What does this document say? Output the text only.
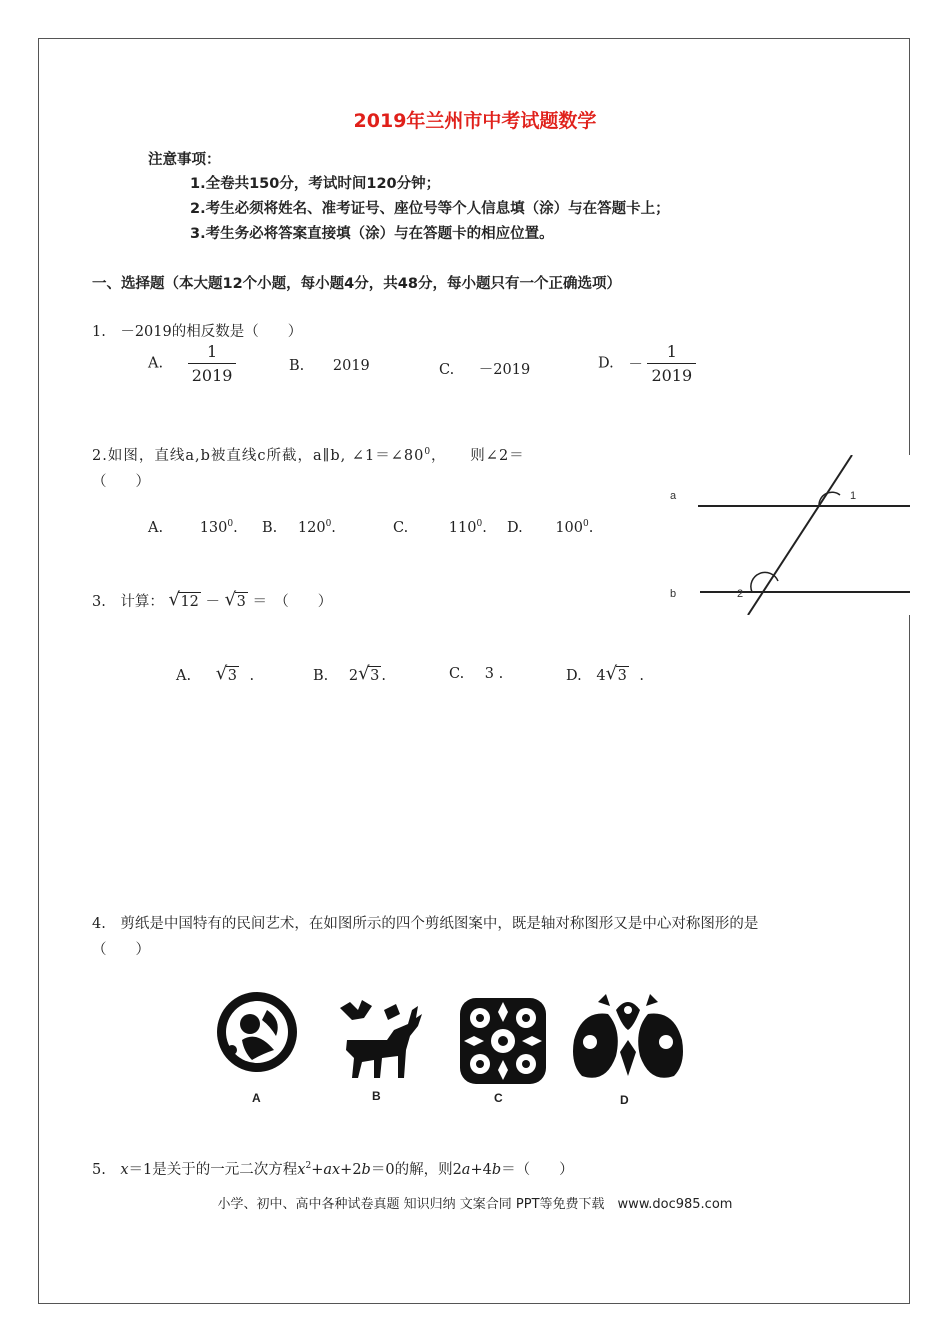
2019年兰州市中考试题数学
注意事项：
1.全卷共150分，考试时间120分钟；
2.考生必须将姓名、准考证号、座位号等个人信息填（涂）与在答题卡上；
3.考生务必将答案直接填（涂）与在答题卡的相应位置。
一、选择题（本大题12个小题，每小题4分，共48分，每小题只有一个正确选项）
1.　－2019的相反数是（　　）
A. $\frac{1}{2019}$	B. 2019	C. －2019	D. － $\frac{1}{2019}$
2.如图，直线a,b被直线c所截，a∥b, $\angle 1=\angle 80^0$，　　则∠2＝
（　　）
A.	$130^0$. B. $120^0$.	C.	$110^0$. D. $100^0$.
a
b
1
2
3.　计算： √ 12 － √ 3 ＝　（　　）
A. √ 3 .	B. 2 √ 3 .	C. 3 .	D. 4 √ 3 .
4.　剪纸是中国特有的民间艺术，在如图所示的四个剪纸图案中，既是轴对称图形又是中心对称图形的是
（　　）
A	B	C	D
5.　x＝1是关于的一元二次方程$x^2+ax+2b=0$的解，则2a+4b＝（　　）
小学、初中、高中各种试卷真题 知识归纳 文案合同 PPT等免费下载　www.doc985.com
